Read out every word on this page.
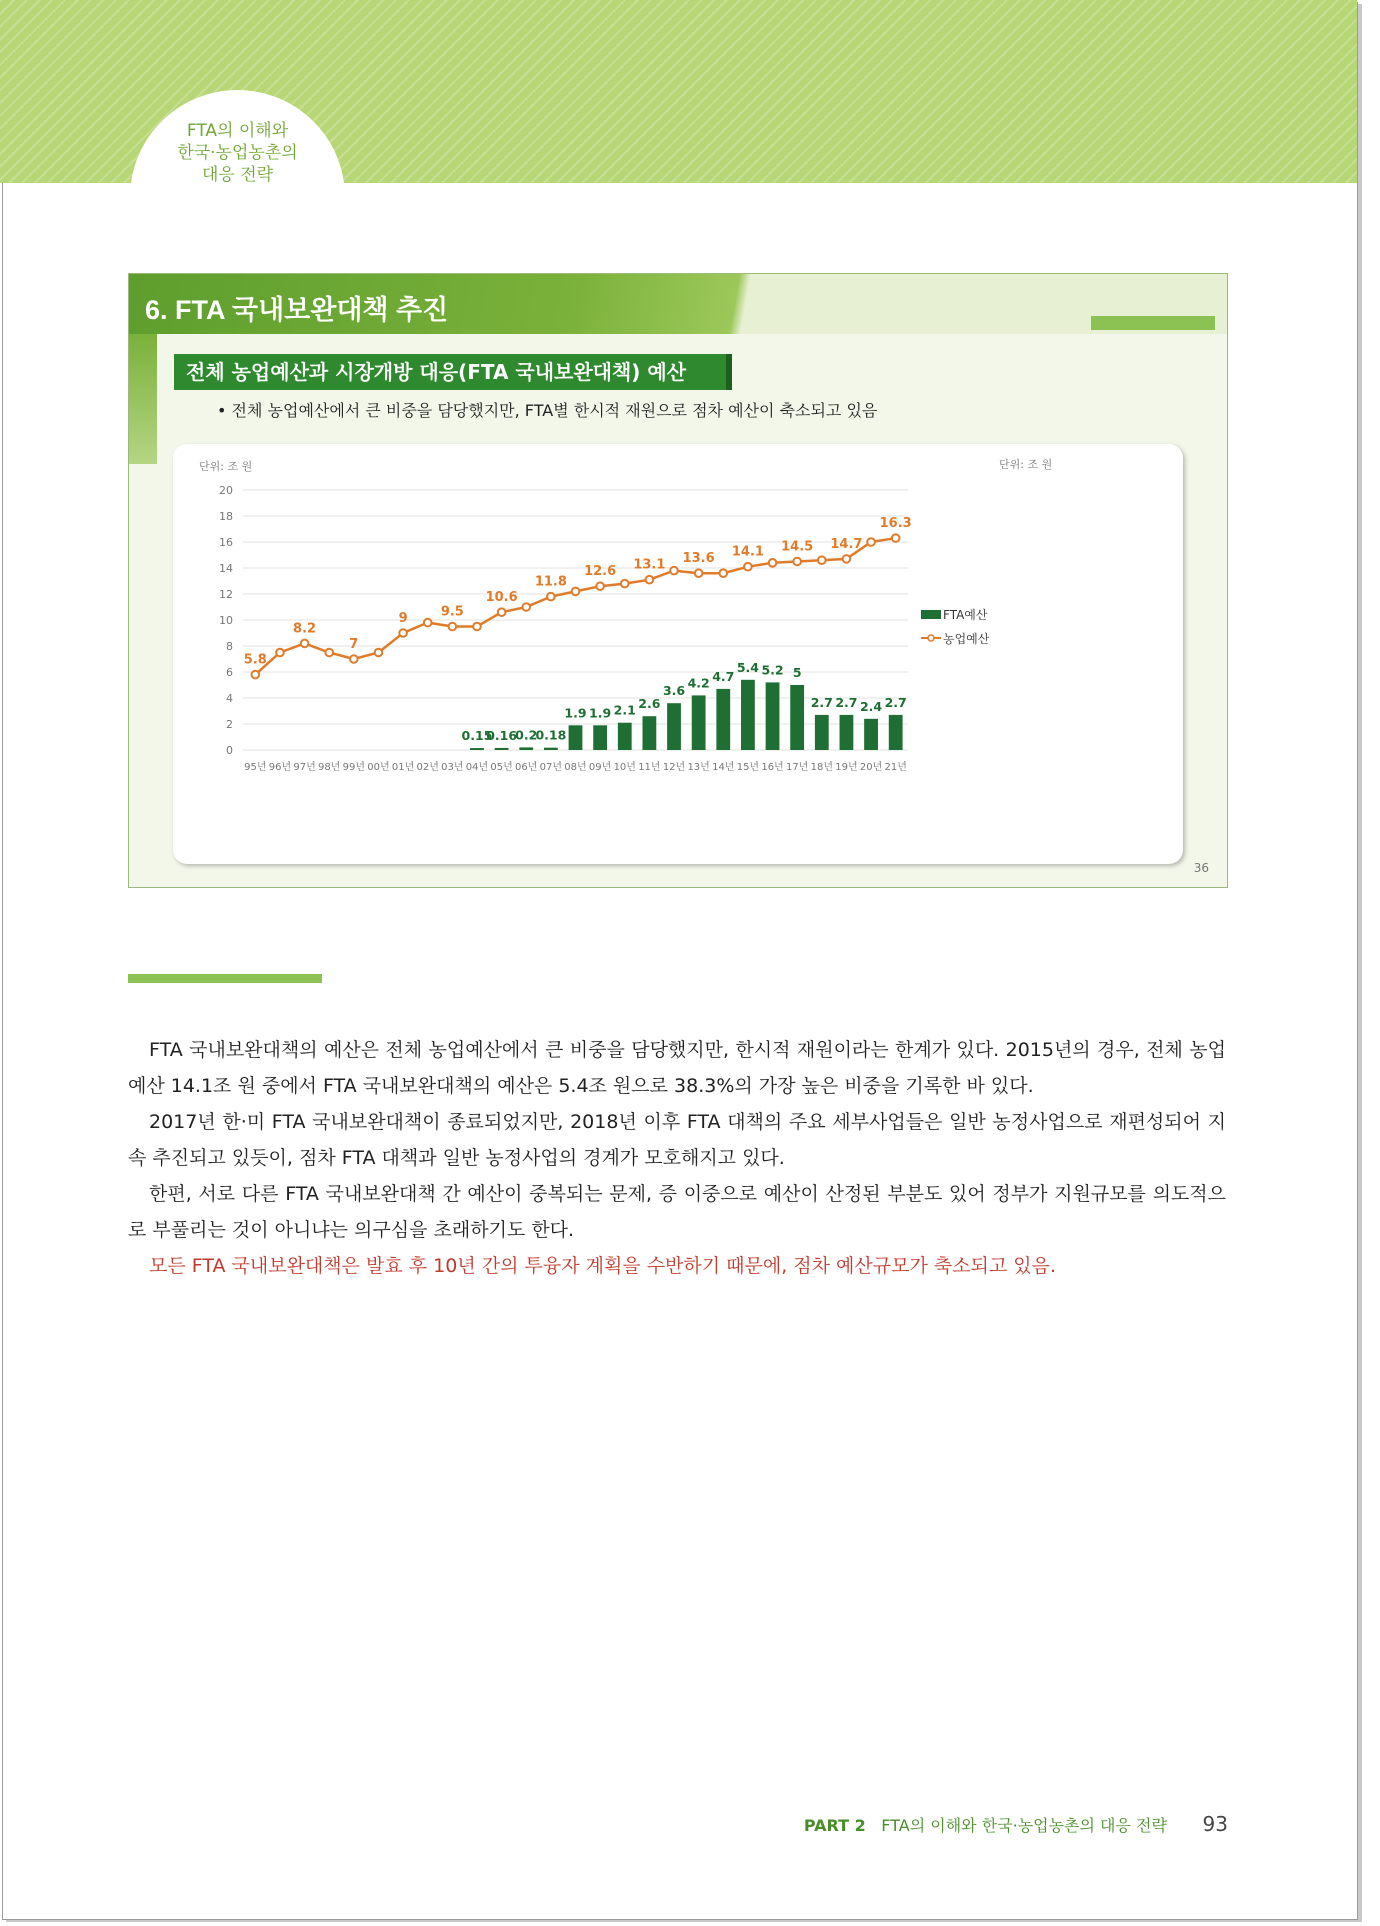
FTA의 이해와
한국·농업농촌의
대응 전략
6. FTA 국내보완대책 추진
전체 농업예산과 시장개방 대응(FTA 국내보완대책) 예산
• 전체 농업예산에서 큰 비중을 담당했지만, FTA별 한시적 재원으로 점차 예산이 축소되고 있음
단위: 조 원	단위: 조 원
0
2
4
6
8
10
12
14
16
18
20
0.15
0.16
0.2
0.18
1.9 1.9 2.1 2.6
3.6
4.2 4.7
5.4 5.2 5
2.7 2.7 2.4 2.7
5.8
8.2
7
9	9.5
10.6
11.8
12.6 13.1 13.6 14.1 14.5 14.7
16.3
95년 96년 97년 98년 99년 00년 01년 02년 03년 04년 05년 06년 07년 08년 09년 10년 11년 12년 13년 14년 15년 16년 17년 18년 19년 20년 21년
FTA예산
농업예산
36

FTA 국내보완대책의 예산은 전체 농업예산에서 큰 비중을 담당했지만, 한시적 재원이라는 한계가 있다. 2015년의 경우, 전체 농업예산 14.1조 원 중에서 FTA 국내보완대책의 예산은 5.4조 원으로 38.3%의 가장 높은 비중을 기록한 바 있다.

2017년 한·미 FTA 국내보완대책이 종료되었지만, 2018년 이후 FTA 대책의 주요 세부사업들은 일반 농정사업으로 재편성되어 지속 추진되고 있듯이, 점차 FTA 대책과 일반 농정사업의 경계가 모호해지고 있다.

한편, 서로 다른 FTA 국내보완대책 간 예산이 중복되는 문제, 증 이중으로 예산이 산정된 부분도 있어 정부가 지원규모를 의도적으로 부풀리는 것이 아니냐는 의구심을 초래하기도 한다.

모든 FTA 국내보완대책은 발효 후 10년 간의 투융자 계획을 수반하기 때문에, 점차 예산규모가 축소되고 있음.

PART 2 FTA의 이해와 한국·농업농촌의 대응 전략 93
